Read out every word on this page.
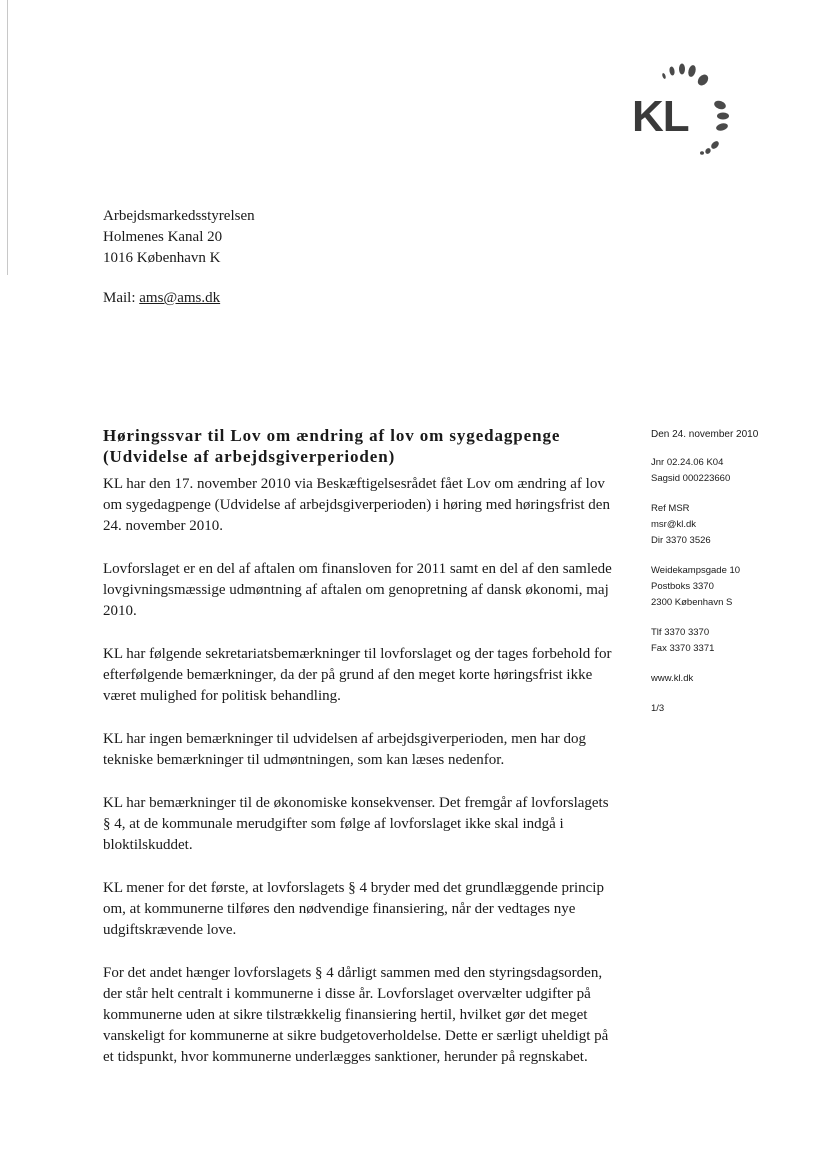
KL
Arbejdsmarkedsstyrelsen
Holmenes Kanal 20
1016 København K
Mail: ams@ams.dk
Høringssvar til Lov om ændring af lov om sygedagpenge (Udvidelse af arbejdsgiverperioden)

KL har den 17. november 2010 via Beskæftigelsesrådet fået Lov om ændring af lov om sygedagpenge (Udvidelse af arbejdsgiverperioden) i høring med høringsfrist den 24. november 2010.

Lovforslaget er en del af aftalen om finansloven for 2011 samt en del af den samlede lovgivningsmæssige udmøntning af aftalen om genopretning af dansk økonomi, maj 2010.

KL har følgende sekretariatsbemærkninger til lovforslaget og der tages forbehold for efterfølgende bemærkninger, da der på grund af den meget korte høringsfrist ikke været mulighed for politisk behandling.

KL har ingen bemærkninger til udvidelsen af arbejdsgiverperioden, men har dog tekniske bemærkninger til udmøntningen, som kan læses nedenfor.

KL har bemærkninger til de økonomiske konsekvenser. Det fremgår af lovforslagets § 4, at de kommunale merudgifter som følge af lovforslaget ikke skal indgå i bloktilskuddet.

KL mener for det første, at lovforslagets § 4 bryder med det grundlæggende princip om, at kommunerne tilføres den nødvendige finansiering, når der vedtages nye udgiftskrævende love.

For det andet hænger lovforslagets § 4 dårligt sammen med den styringsdagsorden, der står helt centralt i kommunerne i disse år. Lovforslaget overvælter udgifter på kommunerne uden at sikre tilstrækkelig finansiering hertil, hvilket gør det meget vanskeligt for kommunerne at sikre budgetoverholdelse. Dette er særligt uheldigt på et tidspunkt, hvor kommunerne underlægges sanktioner, herunder på regnskabet.

Den 24. november 2010
Jnr 02.24.06 K04
Sagsid 000223660
Ref MSR
msr@kl.dk
Dir 3370 3526
Weidekampsgade 10
Postboks 3370
2300 København S
Tlf 3370 3370
Fax 3370 3371
www.kl.dk
1/3
